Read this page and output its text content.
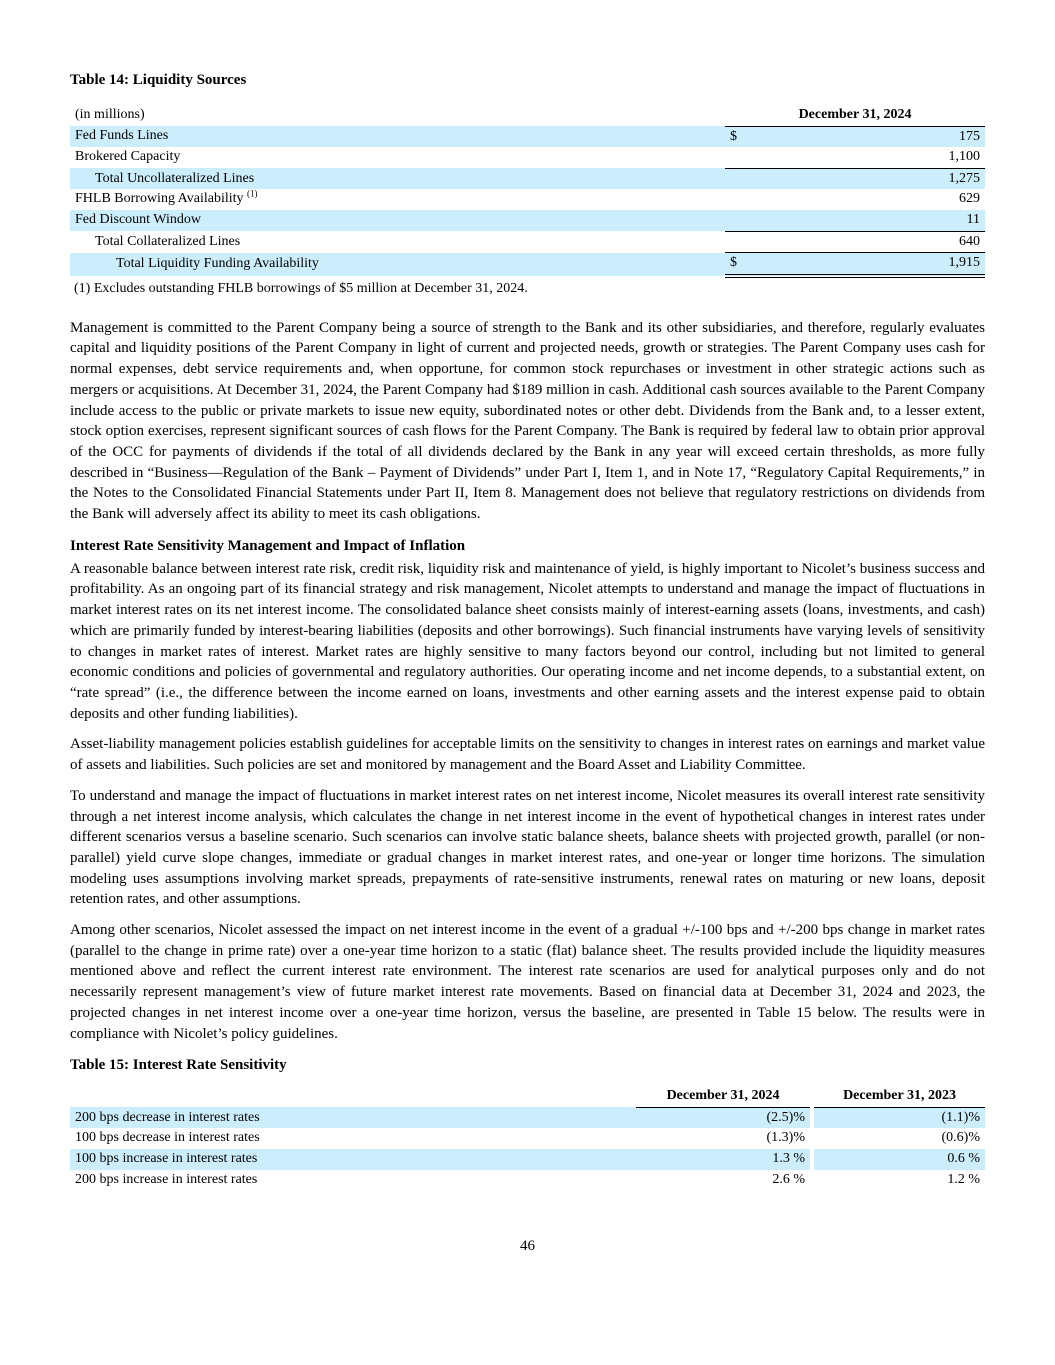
Table 14: Liquidity Sources
(in millions)	December 31, 2024	
Fed Funds Lines	$	175
Brokered Capacity		1,100
Total Uncollateralized Lines		1,275
FHLB Borrowing Availability $^{(1)}$		629
Fed Discount Window		11
Total Collateralized Lines		640
Total Liquidity Funding Availability	$	1,915
(1) Excludes outstanding FHLB borrowings of $5 million at December 31, 2024.

Management is committed to the Parent Company being a source of strength to the Bank and its other subsidiaries, and therefore, regularly evaluates capital and liquidity positions of the Parent Company in light of current and projected needs, growth or strategies. The Parent Company uses cash for normal expenses, debt service requirements and, when opportune, for common stock repurchases or investment in other strategic actions such as mergers or acquisitions. At December 31, 2024, the Parent Company had $189 million in cash. Additional cash sources available to the Parent Company include access to the public or private markets to issue new equity, subordinated notes or other debt. Dividends from the Bank and, to a lesser extent, stock option exercises, represent significant sources of cash flows for the Parent Company. The Bank is required by federal law to obtain prior approval of the OCC for payments of dividends if the total of all dividends declared by the Bank in any year will exceed certain thresholds, as more fully described in “Business—Regulation of the Bank – Payment of Dividends” under Part I, Item 1, and in Note 17, “Regulatory Capital Requirements,” in the Notes to the Consolidated Financial Statements under Part II, Item 8. Management does not believe that regulatory restrictions on dividends from the Bank will adversely affect its ability to meet its cash obligations.

Interest Rate Sensitivity Management and Impact of Inflation

A reasonable balance between interest rate risk, credit risk, liquidity risk and maintenance of yield, is highly important to Nicolet’s business success and profitability. As an ongoing part of its financial strategy and risk management, Nicolet attempts to understand and manage the impact of fluctuations in market interest rates on its net interest income. The consolidated balance sheet consists mainly of interest-earning assets (loans, investments, and cash) which are primarily funded by interest-bearing liabilities (deposits and other borrowings). Such financial instruments have varying levels of sensitivity to changes in market rates of interest. Market rates are highly sensitive to many factors beyond our control, including but not limited to general economic conditions and policies of governmental and regulatory authorities. Our operating income and net income depends, to a substantial extent, on “rate spread” (i.e., the difference between the income earned on loans, investments and other earning assets and the interest expense paid to obtain deposits and other funding liabilities).

Asset-liability management policies establish guidelines for acceptable limits on the sensitivity to changes in interest rates on earnings and market value of assets and liabilities. Such policies are set and monitored by management and the Board Asset and Liability Committee.

To understand and manage the impact of fluctuations in market interest rates on net interest income, Nicolet measures its overall interest rate sensitivity through a net interest income analysis, which calculates the change in net interest income in the event of hypothetical changes in interest rates under different scenarios versus a baseline scenario. Such scenarios can involve static balance sheets, balance sheets with projected growth, parallel (or non-parallel) yield curve slope changes, immediate or gradual changes in market interest rates, and one-year or longer time horizons. The simulation modeling uses assumptions involving market spreads, prepayments of rate-sensitive instruments, renewal rates on maturing or new loans, deposit retention rates, and other assumptions.

Among other scenarios, Nicolet assessed the impact on net interest income in the event of a gradual +/-100 bps and +/-200 bps change in market rates (parallel to the change in prime rate) over a one-year time horizon to a static (flat) balance sheet. The results provided include the liquidity measures mentioned above and reflect the current interest rate environment. The interest rate scenarios are used for analytical purposes only and do not necessarily represent management’s view of future market interest rate movements. Based on financial data at December 31, 2024 and 2023, the projected changes in net interest income over a one-year time horizon, versus the baseline, are presented in Table 15 below. The results were in compliance with Nicolet’s policy guidelines.

Table 15: Interest Rate Sensitivity
	December 31, 2024		December 31, 2023
200 bps decrease in interest rates	(2.5)%		(1.1)%
100 bps decrease in interest rates	(1.3)%		(0.6)%
100 bps increase in interest rates	1.3 %		0.6 %
200 bps increase in interest rates	2.6 %		1.2 %
46
